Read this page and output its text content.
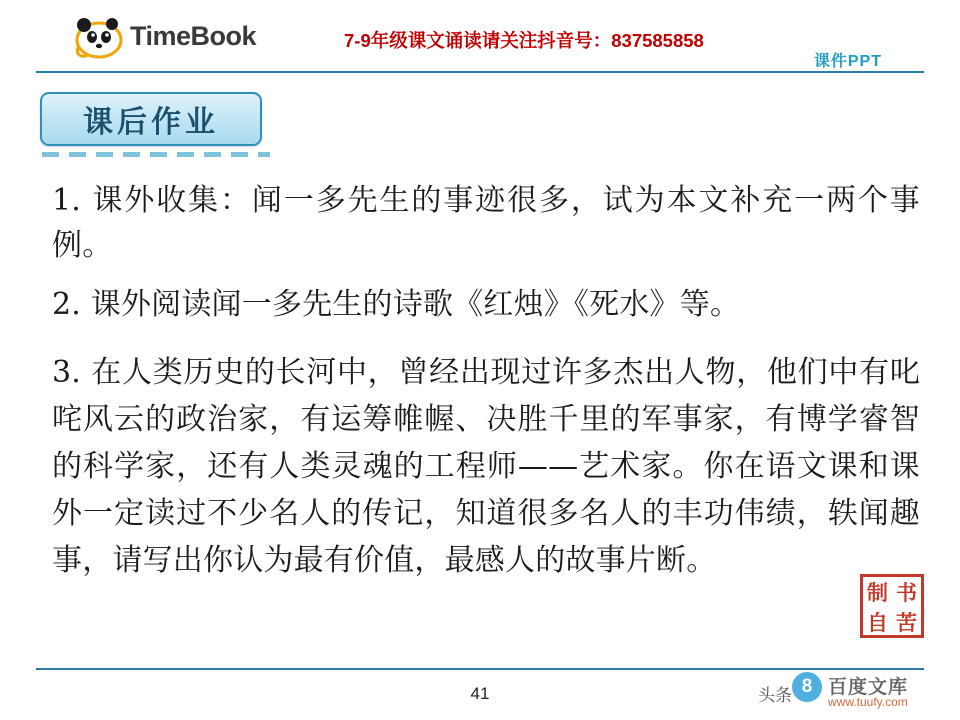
TimeBook	7-9年级课文诵读请关注抖音号：837585858
课件PPT
课后作业

1. 课外收集：闻一多先生的事迹很多，试为本文补充一两个事例。

2. 课外阅读闻一多先生的诗歌《红烛》《死水》等。

3. 在人类历史的长河中，曾经出现过许多杰出人物，他们中有叱咤风云的政治家，有运筹帷幄、决胜千里的军事家，有博学睿智的科学家，还有人类灵魂的工程师——艺术家。你在语文课和课外一定读过不少名人的传记，知道很多名人的丰功伟绩，轶闻趣事，请写出你认为最有价值，最感人的故事片断。

制 书
自 苦
41	头条 8 百度文库
www.tuufy.com
